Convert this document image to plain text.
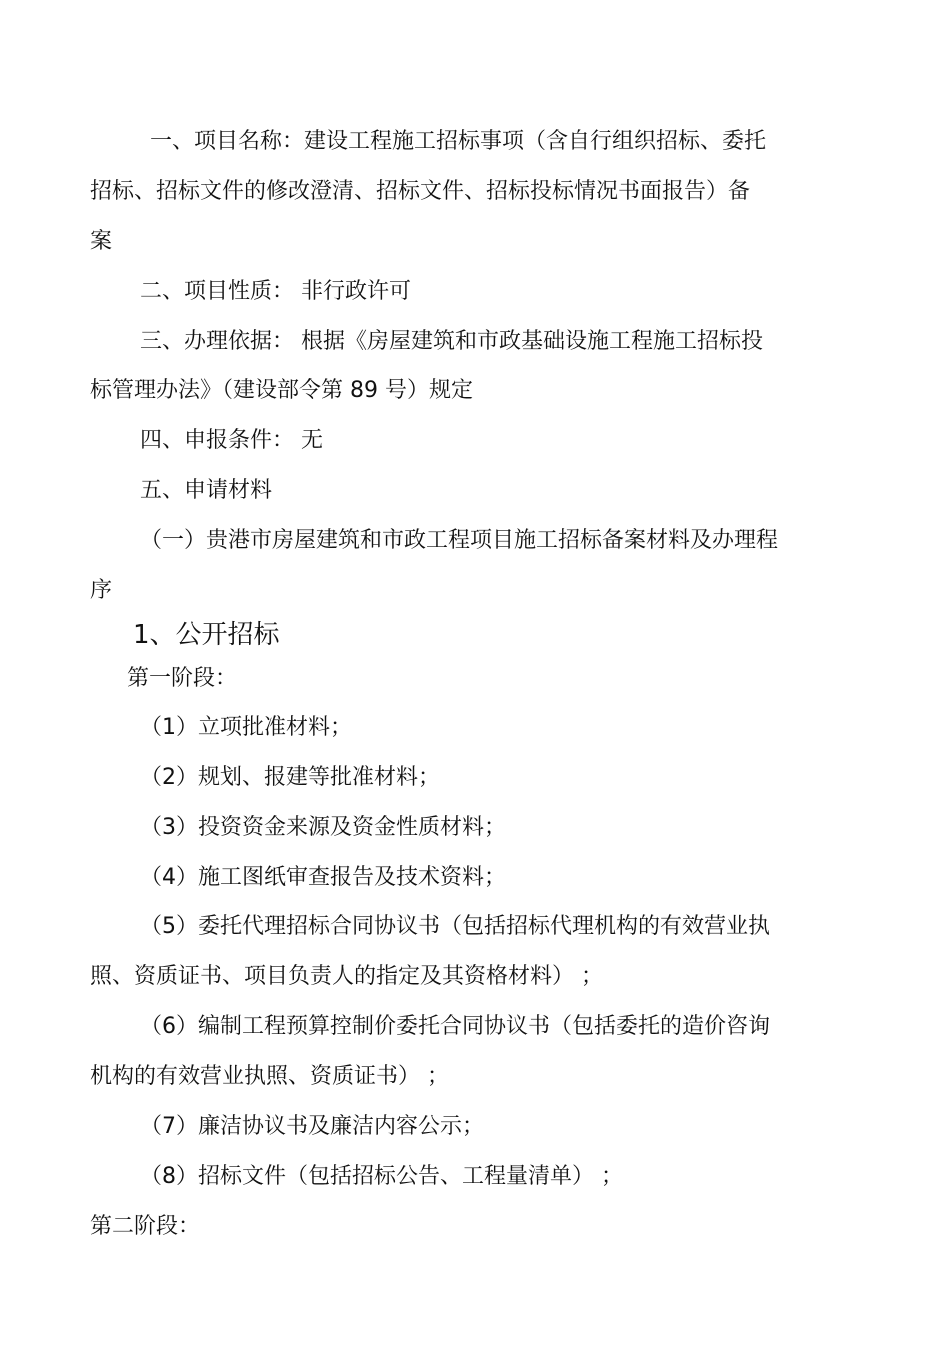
一、项目名称：建设工程施工招标事项（含自行组织招标、委托
招标、招标文件的修改澄清、招标文件、招标投标情况书面报告）备
案
二、项目性质： 非行政许可
三、办理依据： 根据《房屋建筑和市政基础设施工程施工招标投
标管理办法》（建设部令第 89 号）规定
四、申报条件： 无
五、申请材料
（一）贵港市房屋建筑和市政工程项目施工招标备案材料及办理程
序
1、公开招标
第一阶段：
（1）立项批准材料；
（2）规划、报建等批准材料；
（3）投资资金来源及资金性质材料；
（4）施工图纸审查报告及技术资料；
（5）委托代理招标合同协议书（包括招标代理机构的有效营业执
照、资质证书、项目负责人的指定及其资格材料） ；
（6）编制工程预算控制价委托合同协议书（包括委托的造价咨询
机构的有效营业执照、资质证书） ；
（7）廉洁协议书及廉洁内容公示；
（8）招标文件（包括招标公告、工程量清单） ；
第二阶段：
